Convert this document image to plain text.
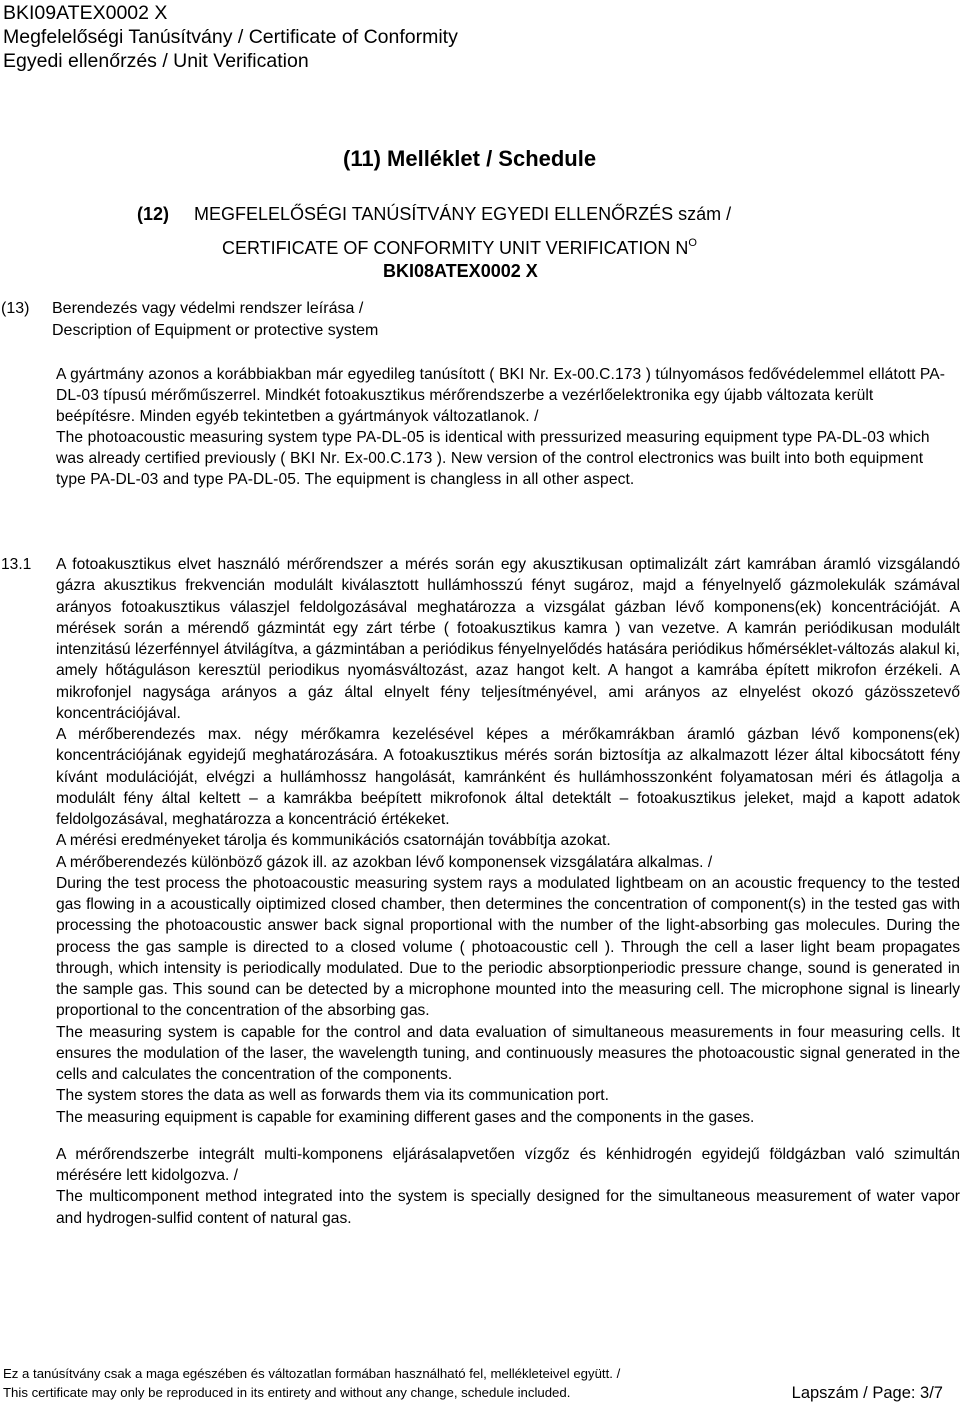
BKI09ATEX0002 X
Megfelelőségi Tanúsítvány / Certificate of Conformity
Egyedi ellenőrzés / Unit Verification
(11) Melléklet / Schedule
(12) MEGFELELŐSÉGI TANÚSÍTVÁNY EGYEDI ELLENŐRZÉS szám /
CERTIFICATE OF CONFORMITY UNIT VERIFICATION $N^O$
BKI08ATEX0002 X
(13) Berendezés vagy védelmi rendszer leírása /
Description of Equipment or protective system

A gyártmány azonos a korábbiakban már egyedileg tanúsított ( BKI Nr. Ex-00.C.173 ) túlnyomásos fedővédelemmel ellátott PA-DL-03 típusú mérőműszerrel. Mindkét fotoakusztikus mérőrendszerbe a vezérlőelektronika egy újabb változata került beépítésre. Minden egyéb tekintetben a gyártmányok változatlanok. /

The photoacoustic measuring system type PA-DL-05 is identical with pressurized measuring equipment type PA-DL-03 which was already certified previously ( BKI Nr. Ex-00.C.173 ). New version of the control electronics was built into both equipment type PA-DL-03 and type PA-DL-05. The equipment is changless in all other aspect.

13.1 A fotoakusztikus elvet használó mérőrendszer a mérés során egy akusztikusan optimalizált zárt kamrában áramló vizsgálandó gázra akusztikus frekvencián modulált kiválasztott hullámhosszú fényt sugároz, majd a fényelnyelő gázmolekulák számával arányos fotoakusztikus válaszjel feldolgozásával meghatározza a vizsgálat gázban lévő komponens(ek) koncentrációját. A mérések során a mérendő gázmintát egy zárt térbe ( fotoakusztikus kamra ) van vezetve. A kamrán periódikusan modulált intenzitású lézerfénnyel átvilágítva, a gázmintában a periódikus fényelnyelődés hatására periódikus hőmérséklet-változás alakul ki, amely hőtáguláson keresztül periodikus nyomásváltozást, azaz hangot kelt. A hangot a kamrába épített mikrofon érzékeli. A mikrofonjel nagysága arányos a gáz által elnyelt fény teljesítményével, ami arányos az elnyelést okozó gázösszetevő koncentrációjával.

A mérőberendezés max. négy mérőkamra kezelésével képes a mérőkamrákban áramló gázban lévő komponens(ek) koncentrációjának egyidejű meghatározására. A fotoakusztikus mérés során biztosítja az alkalmazott lézer által kibocsátott fény kívánt modulációját, elvégzi a hullámhossz hangolását, kamránként és hullámhosszonként folyamatosan méri és átlagolja a modulált fény által keltett – a kamrákba beépített mikrofonok által detektált – fotoakusztikus jeleket, majd a kapott adatok feldolgozásával, meghatározza a koncentráció értékeket.

A mérési eredményeket tárolja és kommunikációs csatornáján továbbítja azokat.

A mérőberendezés különböző gázok ill. az azokban lévő komponensek vizsgálatára alkalmas. /

During the test process the photoacoustic measuring system rays a modulated lightbeam on an acoustic frequency to the tested gas flowing in a acoustically oiptimized closed chamber, then determines the concentration of component(s) in the tested gas with processing the photoacoustic answer back signal proportional with the number of the light-absorbing gas molecules. During the process the gas sample is directed to a closed volume ( photoacoustic cell ). Through the cell a laser light beam propagates through, which intensity is periodically modulated. Due to the periodic absorptionperiodic pressure change, sound is generated in the sample gas. This sound can be detected by a microphone mounted into the measuring cell. The microphone signal is linearly proportional to the concentration of the absorbing gas.

The measuring system is capable for the control and data evaluation of simultaneous measurements in four measuring cells. It ensures the modulation of the laser, the wavelength tuning, and continuously measures the photoacoustic signal generated in the cells and calculates the concentration of the components.

The system stores the data as well as forwards them via its communication port.

The measuring equipment is capable for examining different gases and the components in the gases.

A mérőrendszerbe integrált multi-komponens eljárásalapvetően vízgőz és kénhidrogén egyidejű földgázban való szimultán mérésére lett kidolgozva. /

The multicomponent method integrated into the system is specially designed for the simultaneous measurement of water vapor and hydrogen-sulfid content of natural gas.

Ez a tanúsítvány csak a maga egészében és változatlan formában használható fel, mellékleteivel együtt. /
This certificate may only be reproduced in its entirety and without any change, schedule included.	Lapszám / Page: 3/7
